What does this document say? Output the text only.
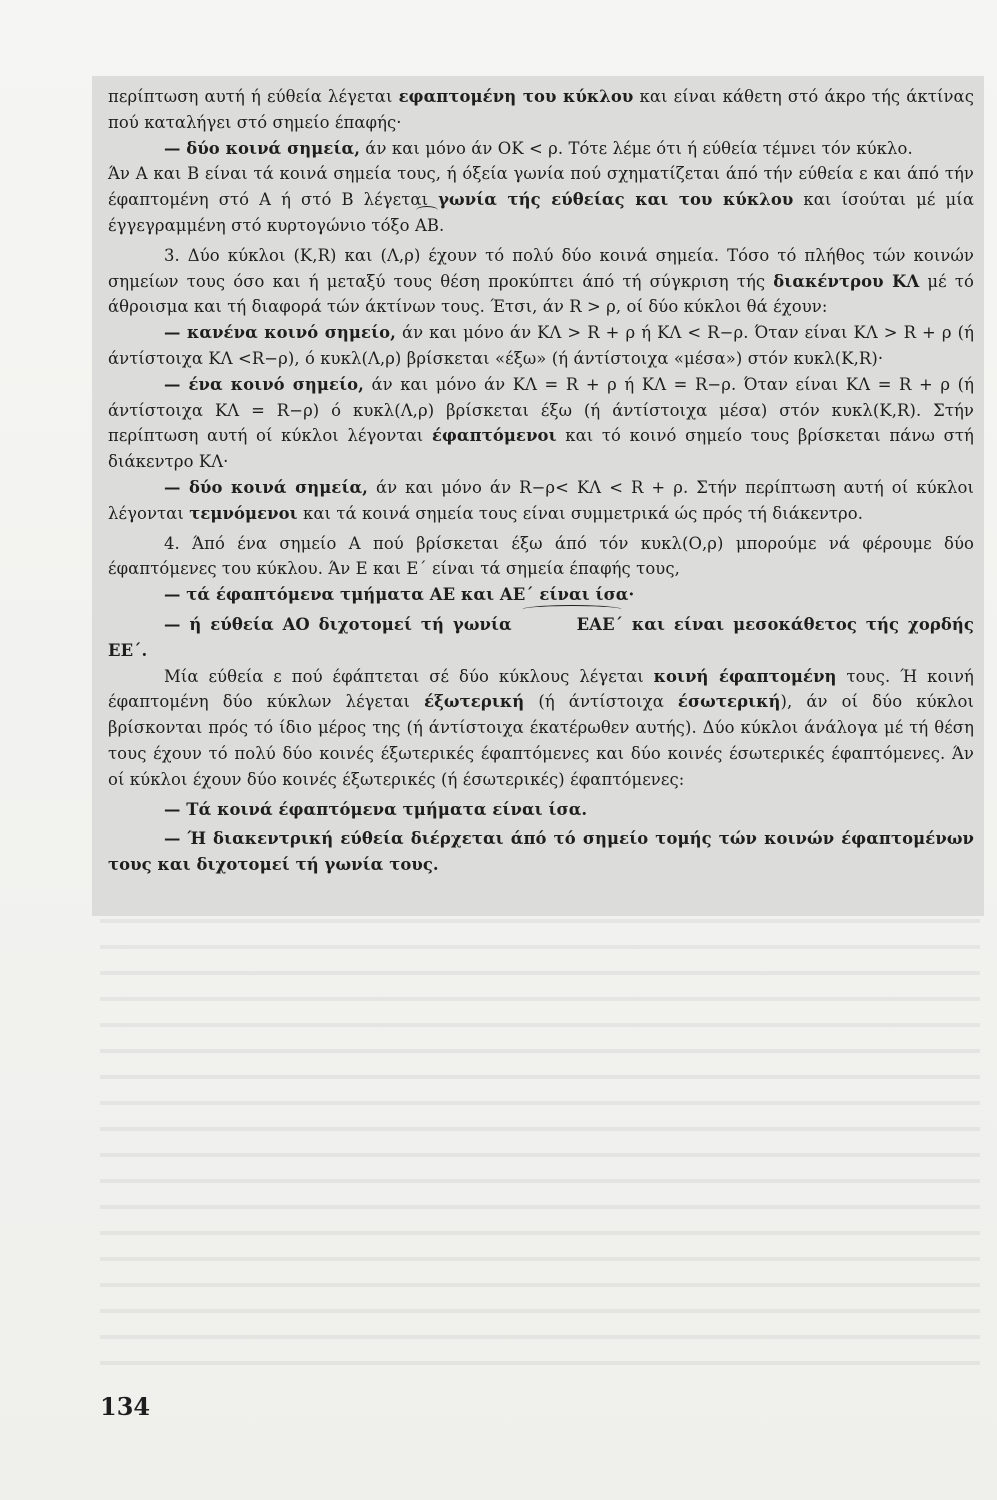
περίπτωση αυτή ή εύθεία λέγεται εφαπτομένη του κύκλου και είναι κάθετη στό άκρο τής άκτίνας πού καταλήγει στό σημείο έπαφής·

— δύο κοινά σημεία, άν και μόνο άν ΟΚ < ρ. Τότε λέμε ότι ή εύθεία τέμνει τόν κύκλο.

Άν Α και Β είναι τά κοινά σημεία τους, ή όξεία γωνία πού σχηματίζεται άπό τήν εύθεία ε και άπό τήν έφαπτομένη στό Α ή στό Β λέγεται γωνία τής εύθείας και του κύκλου και ίσούται μέ μία έγγεγραμμένη στό κυρτογώνιο τόξο ΑΒ.

3. Δύο κύκλοι (Κ,R) και (Λ,ρ) έχουν τό πολύ δύο κοινά σημεία. Τόσο τό πλήθος τών κοινών σημείων τους όσο και ή μεταξύ τους θέση προκύπτει άπό τή σύγκριση τής διακέντρου ΚΛ μέ τό άθροισμα και τή διαφορά τών άκτίνων τους. Έτσι, άν R > ρ, οί δύο κύκλοι θά έχουν:

— κανένα κοινό σημείο, άν και μόνο άν ΚΛ > R + ρ ή ΚΛ < R−ρ. Όταν είναι ΚΛ > R + ρ (ή άντίστοιχα ΚΛ <R−ρ), ό κυκλ(Λ,ρ) βρίσκεται «έξω» (ή άντίστοιχα «μέσα») στόν κυκλ(Κ,R)·

— ένα κοινό σημείο, άν και μόνο άν ΚΛ = R + ρ ή ΚΛ = R−ρ. Όταν είναι ΚΛ = R + ρ (ή άντίστοιχα ΚΛ = R−ρ) ό κυκλ(Λ,ρ) βρίσκεται έξω (ή άντίστοιχα μέσα) στόν κυκλ(Κ,R). Στήν περίπτωση αυτή οί κύκλοι λέγονται έφαπτόμενοι και τό κοινό σημείο τους βρίσκεται πάνω στή διάκεντρο ΚΛ·

— δύο κοινά σημεία, άν και μόνο άν R−ρ< ΚΛ < R + ρ. Στήν περίπτωση αυτή οί κύκλοι λέγονται τεμνόμενοι και τά κοινά σημεία τους είναι συμμετρικά ώς πρός τή διάκεντρο.

4. Άπό ένα σημείο Α πού βρίσκεται έξω άπό τόν κυκλ(Ο,ρ) μπορούμε νά φέρουμε δύο έφαπτόμενες του κύκλου. Άν Ε και Ε΄ είναι τά σημεία έπαφής τους,

— τά έφαπτόμενα τμήματα ΑΕ και ΑΕ΄ είναι ίσα·

— ή εύθεία ΑΟ διχοτομεί τή γωνία	ΕΑΕ΄ και είναι μεσοκάθετος τής χορδής ΕΕ΄.

Μία εύθεία ε πού έφάπτεται σέ δύο κύκλους λέγεται κοινή έφαπτομένη τους. Ή κοινή έφαπτομένη δύο κύκλων λέγεται έξωτερική (ή άντίστοιχα έσωτερική), άν οί δύο κύκλοι βρίσκονται πρός τό ίδιο μέρος της (ή άντίστοιχα έκατέρωθεν αυτής). Δύο κύκλοι άνάλογα μέ τή θέση τους έχουν τό πολύ δύο κοινές έξωτερικές έφαπτόμενες και δύο κοινές έσωτερικές έφαπτόμενες. Άν οί κύκλοι έχουν δύο κοινές έξωτερικές (ή έσωτερικές) έφαπτόμενες:

— Τά κοινά έφαπτόμενα τμήματα είναι ίσα.

— Ή διακεντρική εύθεία διέρχεται άπό τό σημείο τομής τών κοινών έφαπτομένων τους και διχοτομεί τή γωνία τους.

134
